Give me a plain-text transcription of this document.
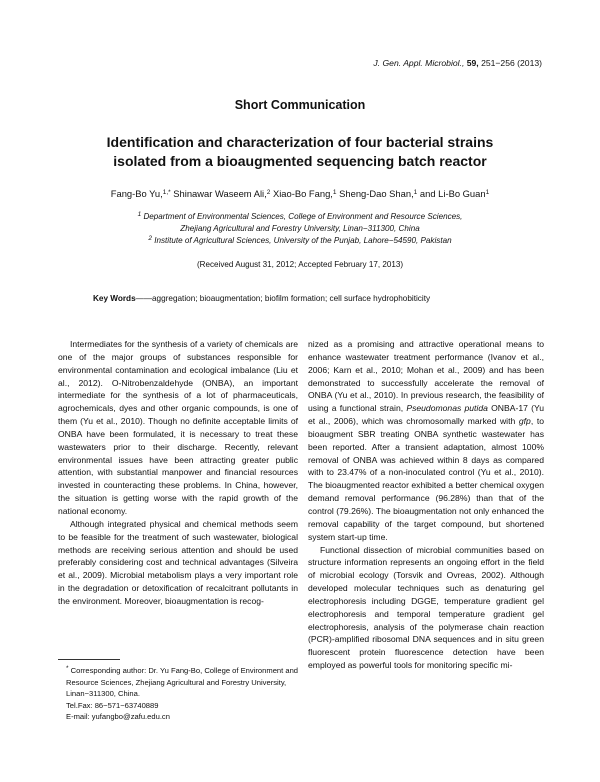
J. Gen. Appl. Microbiol., 59, 251−256 (2013)
Short Communication
Identification and characterization of four bacterial strains
isolated from a bioaugmented sequencing batch reactor
Fang-Bo Yu,$^{1,*}$ Shinawar Waseem Ali,$^2$ Xiao-Bo Fang,$^1$ Sheng-Dao Shan,$^1$ and Li-Bo Guan$^1$
$^1$ Department of Environmental Sciences, College of Environment and Resource Sciences,
Zhejiang Agricultural and Forestry University, Linan−311300, China
$^2$ Institute of Agricultural Sciences, University of the Punjab, Lahore−54590, Pakistan
(Received August 31, 2012; Accepted February 17, 2013)
Key Words——aggregation; bioaugmentation; biofilm formation; cell surface hydrophobiticity

Intermediates for the synthesis of a variety of chemicals are one of the major groups of substances responsible for environmental contamination and ecological imbalance (Liu et al., 2012). O-Nitrobenzaldehyde (ONBA), an important intermediate for the synthesis of a lot of pharmaceuticals, agrochemicals, dyes and other organic compounds, is one of them (Yu et al., 2010). Though no definite acceptable limits of ONBA have been formulated, it is necessary to treat these wastewaters prior to their discharge. Recently, relevant environmental issues have been attracting greater public attention, with substantial manpower and financial resources invested in counteracting these problems. In China, however, the situation is getting worse with the rapid growth of the national economy.

Although integrated physical and chemical methods seem to be feasible for the treatment of such wastewater, biological methods are receiving serious attention and should be used preferably considering cost and technical advantages (Silveira et al., 2009). Microbial metabolism plays a very important role in the degradation or detoxification of recalcitrant pollutants in the environment. Moreover, bioaugmentation is recog-

nized as a promising and attractive operational means to enhance wastewater treatment performance (Ivanov et al., 2006; Karn et al., 2010; Mohan et al., 2009) and has been demonstrated to successfully accelerate the removal of ONBA (Yu et al., 2010). In previous research, the feasibility of using a functional strain, Pseudomonas putida ONBA-17 (Yu et al., 2006), which was chromosomally marked with gfp, to bioaugment SBR treating ONBA synthetic wastewater has been reported. After a transient adaptation, almost 100% removal of ONBA was achieved within 8 days as compared with to 23.47% of a non-inoculated control (Yu et al., 2010). The bioaugmented reactor exhibited a better chemical oxygen demand removal performance (96.28%) than that of the control (79.26%). The bioaugmentation not only enhanced the removal capability of the target compound, but shortened system start-up time.

Functional dissection of microbial communities based on structure information represents an ongoing effort in the field of microbial ecology (Torsvik and Ovreas, 2002). Although developed molecular techniques such as denaturing gel electrophoresis including DGGE, temperature gradient gel electrophoresis and temporal temperature gradient gel electrophoresis, analysis of the polymerase chain reaction (PCR)-amplified ribosomal DNA sequences and in situ green fluorescent protein fluorescence detection have been employed as powerful tools for monitoring specific mi-

* Corresponding author: Dr. Yu Fang-Bo, College of Environment and Resource Sciences, Zhejiang Agricultural and Forestry University, Linan−311300, China.

Tel.Fax: 86−571−63740889

E-mail: yufangbo@zafu.edu.cn
